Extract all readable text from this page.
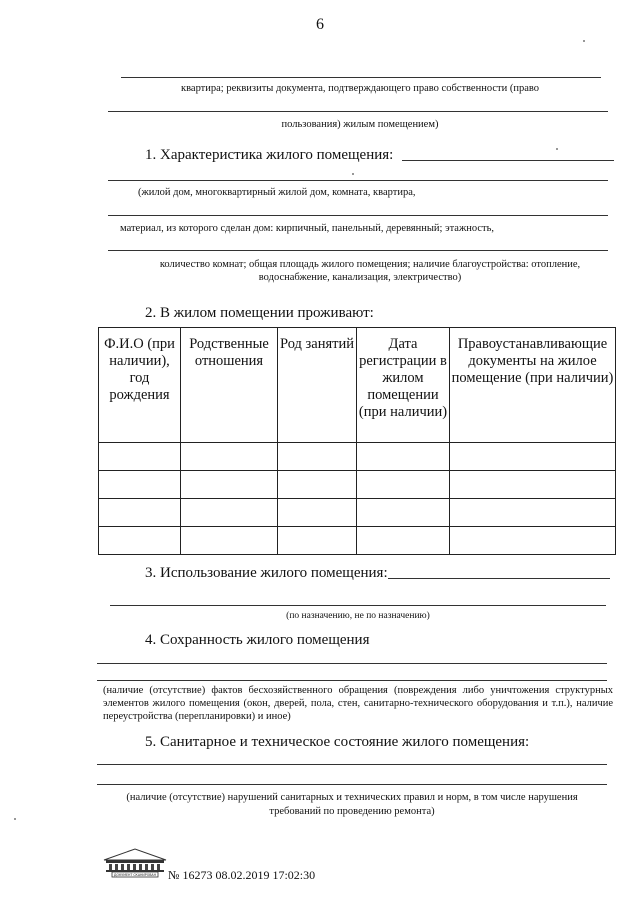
6
квартира; реквизиты документа, подтверждающего право собственности (право
пользования) жилым помещением)
1. Характеристика жилого помещения:
(жилой дом, многоквартирный жилой дом, комната, квартира,
материал, из которого сделан дом: кирпичный, панельный, деревянный; этажность,
количество комнат; общая площадь жилого помещения; наличие благоустройства: отопление,
водоснабжение, канализация, электричество)
2. В жилом помещении проживают:
Ф.И.О (при наличии), год рождения	Родственные отношения	Род занятий	Дата регистрации в жилом помещении (при наличии)	Правоустанавливающие документы на жилое помещение (при наличии)

3. Использование жилого помещения:
(по назначению, не по назначению)
4. Сохранность жилого помещения
(наличие (отсутствие) фактов бесхозяйственного обращения (повреждения либо уничтожения структурных элементов жилого помещения (окон, дверей, пола, стен, санитарно-технического оборудования и т.п.), наличие переустройства (перепланировки) и иное)
5. Санитарное и техническое состояние жилого помещения:
(наличие (отсутствие) нарушений санитарных и технических правил и норм, в том числе нарушения
требований по проведению ремонта)
ДОКУМЕНТ СКАНИРОВАН № 16273 08.02.2019 17:02:30
